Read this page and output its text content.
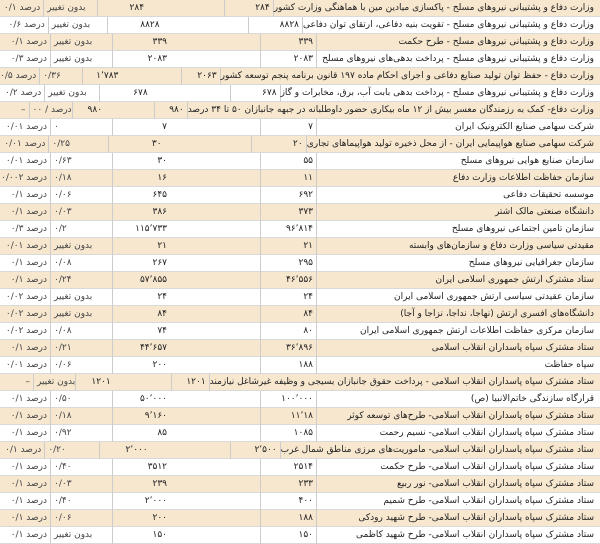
۰/۱ درصد بدون تغییر	۲۸۴	۲۸۴ وزارت دفاع و پشتیبانی نیروهای مسلح - پاکسازی میادین مین با هماهنگی وزارت کشور
۰/۶ درصد بدون تغییر	۸۸۲۸	۸۸۲۸ وزارت دفاع و پشتیبانی نیروهای مسلح - تقویت بنیه دفاعی، ارتقای توان دفاعی
۰/۱ درصد بدون تغییر	۳۳۹	۳۳۹	وزارت دفاع و پشتیبانی نیروهای مسلح - طرح حکمت
۰/۳ درصد بدون تغییر	۲۰۸۳	۲۰۸۳	وزارت دفاع و پشتیبانی نیروهای مسلح - پرداخت بدهی‌های نیروهای مسلح
۰/۵ درصد ۰/۳۶	۱٬۷۸۳	۲۰۶۳ وزارت دفاع - حفظ توان تولید صنایع دفاعی و اجرای احکام ماده ۱۹۷ قانون برنامه پنجم توسعه کشور
۰/۲ درصد بدون تغییر	۶۷۸	۶۷۸ وزارت دفاع و پشتیبانی نیروهای مسلح - پرداخت بدهی بابت آب، برق، مخابرات و گاز
– ۰۰ / درصد	۹۸۰	۹۸۰ وزارت دفاع- کمک به رزمندگان معسر بیش از ۱۲ ماه بیکاری حضور داوطلبانه در جبهه جانبازان ۵۰ تا ۳۴ درصد
۰/۰۱ درصد ۰	۷	۷	شرکت سهامی صنایع الکترونیک ایران
۰/۰۱ درصد ۰/۲۵	۳۰	۲۰ شرکت سهامی صنایع هواپیمایی ایران - از محل ذخیره تولید هواپیماهای تجاری
۰/۰۱ درصد ۰/۶۳	۳۰	۵۵	سازمان صنایع هوایی نیروهای مسلح
۰/۰۰۲ درصد ۰/۱۸	۱۶	۱۱	سازمان حفاظت اطلاعات وزارت دفاع
۰/۱ درصد ۰/۰۶	۶۴۵	۶۹۲	موسسه تحقیقات دفاعی
۰/۱ درصد ۰/۰۳	۳۸۶	۳۷۳	دانشگاه صنعتی مالک اشتر
۰/۳ درصد ۰/۲	۱۱۵٬۷۳۳	۹۶٬۸۱۴	سازمان تامین اجتماعی نیروهای مسلح
۰/۰۱ درصد بدون تغییر	۲۱	۲۱	مقیدتی سیاسی وزارت دفاع و سازمان‌های وابسته
۰/۱ درصد ۰/۰۸	۲۶۷	۲۹۵	سازمان جغرافیایی نیروهای مسلح
۰/۱ درصد ۰/۲۴	۵۷٬۸۵۵	۴۶٬۵۵۶	ستاد مشترک ارتش جمهوری اسلامی ایران
۰/۰۲ درصد بدون تغییر	۲۴	۲۴	سازمان عقیدتی سیاسی ارتش جمهوری اسلامی ایران
۰/۰۲ درصد بدون تغییر	۸۴	۸۴	دانشگاه‌های افسری ارتش (نهاجا، نداجا، نزاجا و آجا)
۰/۰۲ درصد ۰/۰۸	۷۴	۸۰	سازمان مرکزی حفاظت اطلاعات ارتش جمهوری اسلامی ایران
۰/۱ درصد ۰/۲۱	۴۴٬۶۵۷	۳۶٬۸۹۶	ستاد مشترک سپاه پاسداران انقلاب اسلامی
۰/۰۱ درصد ۰/۰۶	۲۰۰	۱۸۸	سپاه حفاظت
– بدون تغییر	۱۲۰۱	۱۲۰۱ ستاد مشترک سپاه پاسداران انقلاب اسلامی - پرداخت حقوق جانبازان بسیجی و وظیفه غیرشاغل نیازمند
۰/۱ درصد ۰/۵۰	۵۰٬۰۰۰	۱۰۰٬۰۰۰	قرارگاه سازندگی خاتم‌الانبیا (ص)
۰/۱ درصد ۰/۱۸	۹٬۱۶۰	۱۱٬۱۸	ستاد مشترک سپاه پاسداران انقلاب اسلامی- طرح‌های توسعه کوثر
۰/۱ درصد ۰/۹۲	۸۵	۱۰۸۵	ستاد مشترک سپاه پاسداران انقلاب اسلامی- نسیم رحمت
۰/۱ درصد ۰/۲۰	۲٬۰۰۰	۲٬۵۰۰ ستاد مشترک سپاه پاسداران انقلاب اسلامی- ماموریت‌های مرزی مناطق شمال غرب
۰/۱ درصد ۰/۴۰	۳۵۱۲	۲۵۱۴	ستاد مشترک سپاه پاسداران انقلاب اسلامی- طرح حکمت
۰/۱ درصد ۰/۰۳	۲۳۹	۲۳۳	ستاد مشترک سپاه پاسداران انقلاب اسلامی- نور ربیع
۰/۱ درصد ۰/۴۰	۲٬۰۰۰	۴۰۰	ستاد مشترک سپاه پاسداران انقلاب اسلامی- طرح شمیم
۰/۱ درصد ۰/۰۶	۲۰۰	۱۸۸	ستاد مشترک سپاه پاسداران انقلاب اسلامی- طرح شهید رودکی
۰/۱ درصد بدون تغییر	۱۵۰	۱۵۰	ستاد مشترک سپاه پاسداران انقلاب اسلامی- طرح شهید کاظمی
